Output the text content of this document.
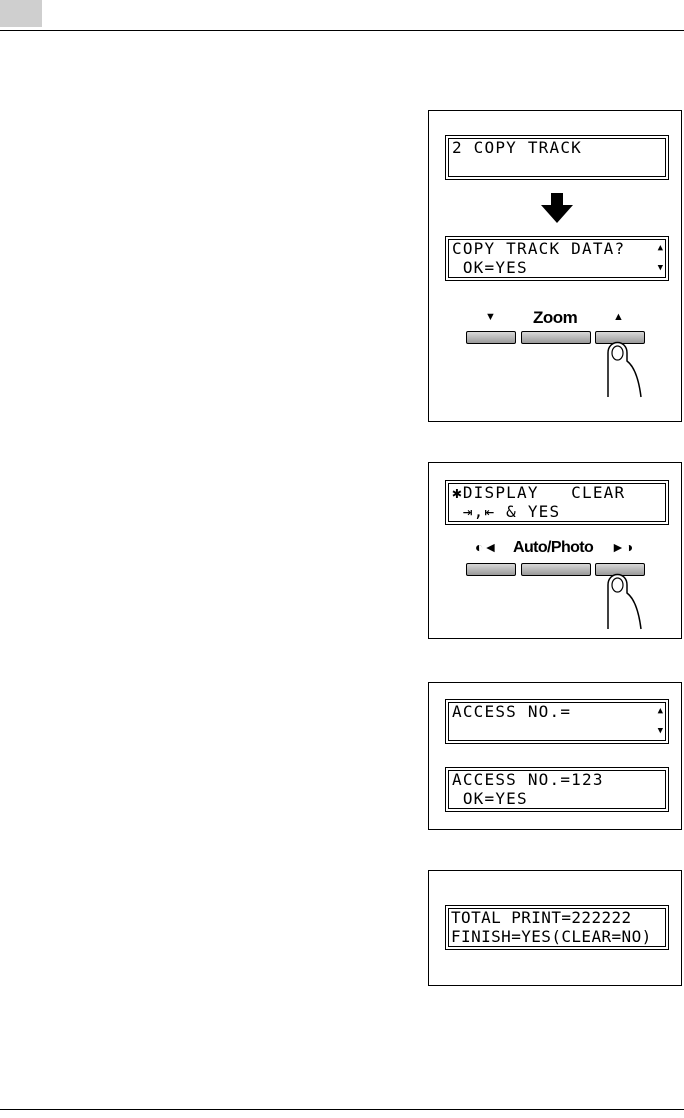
2 COPY TRACK
COPY TRACK DATA?
OK=YES
▲
▼
▼ Zoom	▲
✱DISPLAY   CLEAR
⇥,⇤ & YES
◐◄ Auto/Photo ►◑
ACCESS NO.=	▲
▼
ACCESS NO.=123
OK=YES
TOTAL PRINT=222222
FINISH=YES(CLEAR=NO)
